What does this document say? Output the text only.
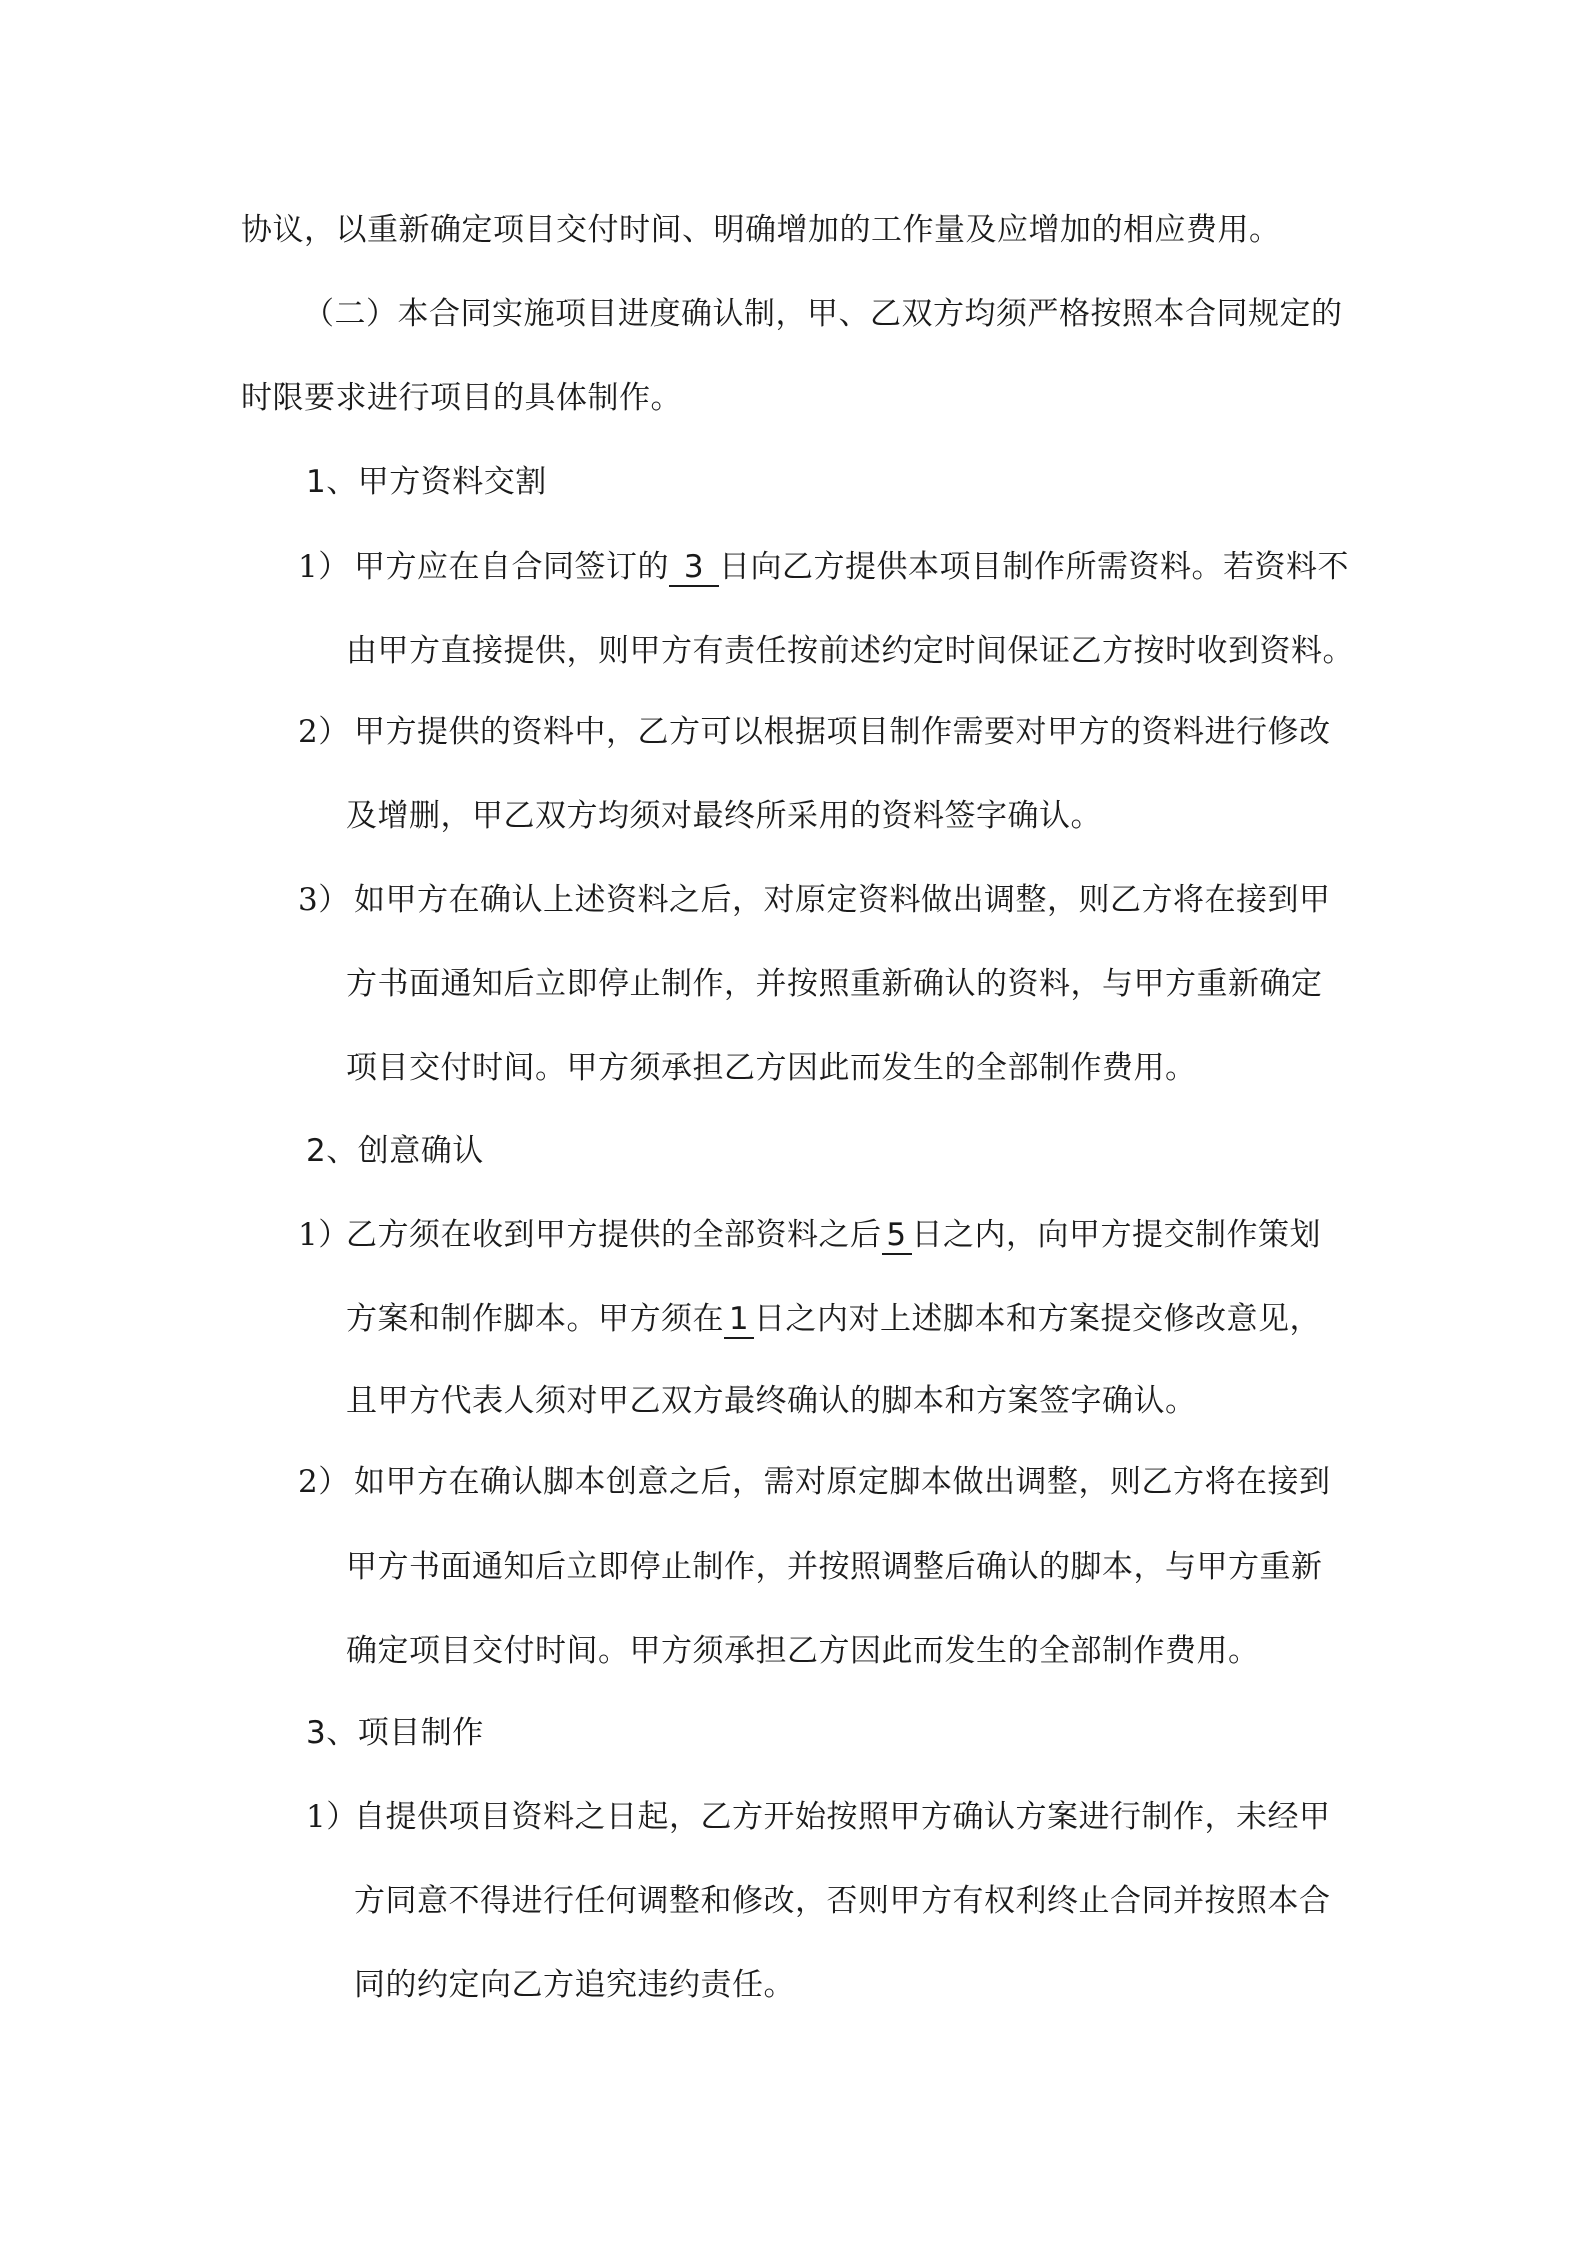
协议，以重新确定项目交付时间、明确增加的工作量及应增加的相应费用。
（二）本合同实施项目进度确认制，甲、乙双方均须严格按照本合同规定的
时限要求进行项目的具体制作。
1、甲方资料交割
1） 甲方应在自合同签订的 3 日向乙方提供本项目制作所需资料。若资料不
由甲方直接提供，则甲方有责任按前述约定时间保证乙方按时收到资料。
2） 甲方提供的资料中，乙方可以根据项目制作需要对甲方的资料进行修改
及增删，甲乙双方均须对最终所采用的资料签字确认。
3） 如甲方在确认上述资料之后，对原定资料做出调整，则乙方将在接到甲
方书面通知后立即停止制作，并按照重新确认的资料，与甲方重新确定
项目交付时间。甲方须承担乙方因此而发生的全部制作费用。
2、创意确认
1）乙方须在收到甲方提供的全部资料之后 5 日之内，向甲方提交制作策划
方案和制作脚本。甲方须在 1 日之内对上述脚本和方案提交修改意见，
且甲方代表人须对甲乙双方最终确认的脚本和方案签字确认。
2） 如甲方在确认脚本创意之后，需对原定脚本做出调整，则乙方将在接到
甲方书面通知后立即停止制作，并按照调整后确认的脚本，与甲方重新
确定项目交付时间。甲方须承担乙方因此而发生的全部制作费用。
3、项目制作
1）自提供项目资料之日起，乙方开始按照甲方确认方案进行制作，未经甲
方同意不得进行任何调整和修改，否则甲方有权利终止合同并按照本合
同的约定向乙方追究违约责任。
